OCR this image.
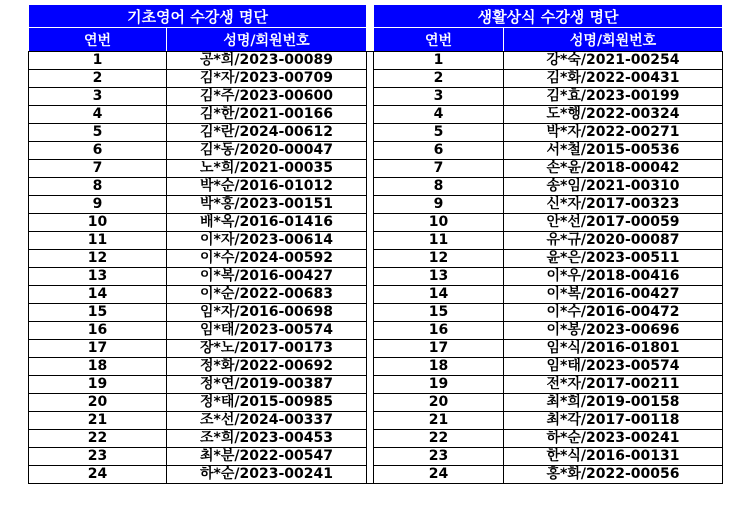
기초영어 수강생 명단			생활상식 수강생 명단	
연번	성명/회원번호		연번	성명/회원번호
1	공*희/2023-00089		1	강*숙/2021-00254
2	김*자/2023-00709		2	김*화/2022-00431
3	김*주/2023-00600		3	김*효/2023-00199
4	김*한/2021-00166		4	도*행/2022-00324
5	김*란/2024-00612		5	박*자/2022-00271
6	김*동/2020-00047		6	서*철/2015-00536
7	노*희/2021-00035		7	손*윤/2018-00042
8	박*순/2016-01012		8	송*임/2021-00310
9	박*홍/2023-00151		9	신*자/2017-00323
10	배*옥/2016-01416		10	안*선/2017-00059
11	이*자/2023-00614		11	유*규/2020-00087
12	이*수/2024-00592		12	윤*은/2023-00511
13	이*복/2016-00427		13	이*우/2018-00416
14	이*순/2022-00683		14	이*복/2016-00427
15	임*자/2016-00698		15	이*수/2016-00472
16	임*태/2023-00574		16	이*봉/2023-00696
17	장*노/2017-00173		17	임*식/2016-01801
18	정*화/2022-00692		18	임*태/2023-00574
19	정*연/2019-00387		19	전*자/2017-00211
20	정*태/2015-00985		20	최*희/2019-00158
21	조*선/2024-00337		21	최*각/2017-00118
22	조*희/2023-00453		22	하*순/2023-00241
23	최*분/2022-00547		23	한*식/2016-00131
24	하*순/2023-00241		24	홍*화/2022-00056
